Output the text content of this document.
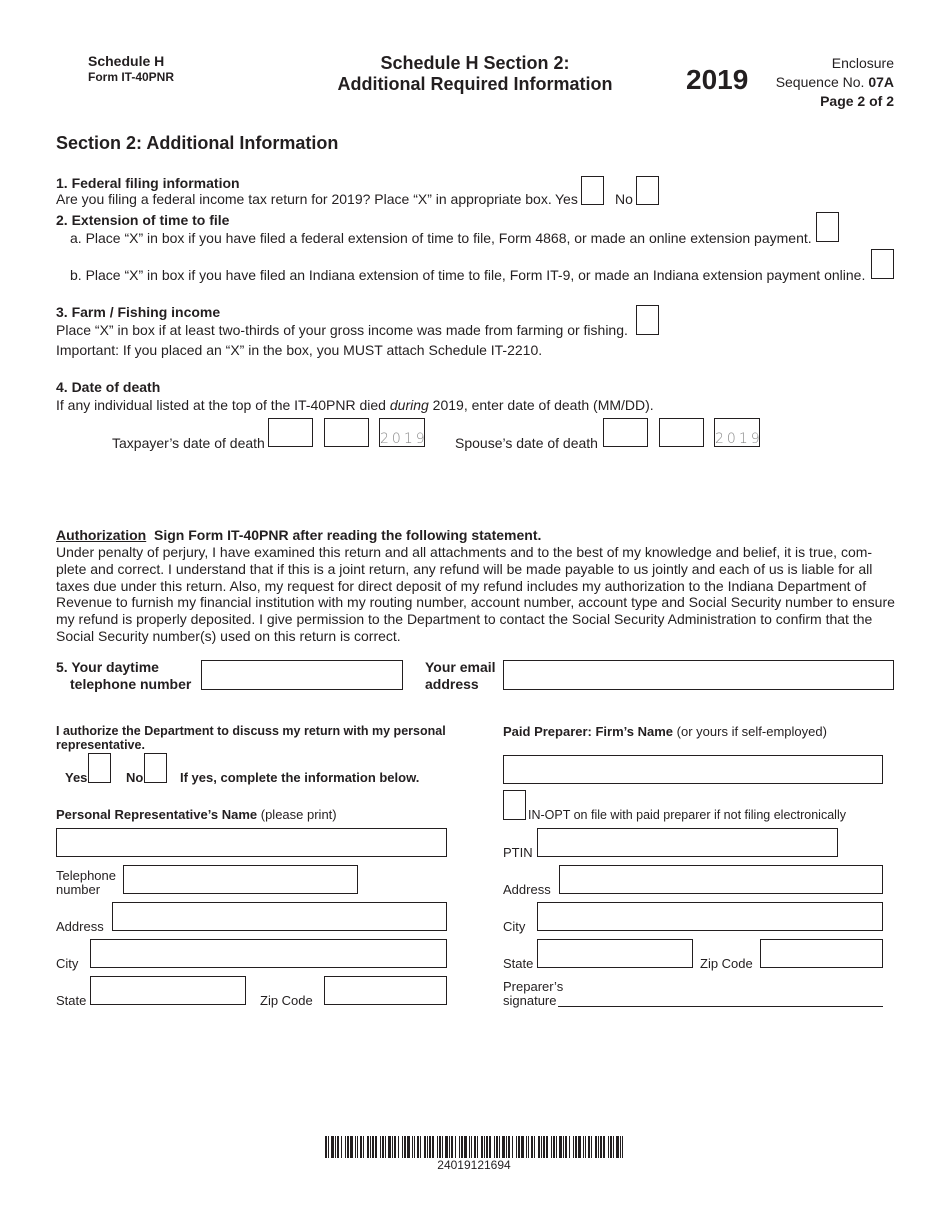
Schedule H
Form IT-40PNR
Schedule H Section 2:
Additional Required Information	2019
Enclosure
Sequence No. 07A
Page 2 of 2
Section 2: Additional Information
1. Federal filing information
Are you filing a federal income tax return for 2019? Place “X” in appropriate box. Yes	No
2. Extension of time to file
a. Place “X” in box if you have filed a federal extension of time to file, Form 4868, or made an online extension payment.
b. Place “X” in box if you have filed an Indiana extension of time to file, Form IT-9, or made an Indiana extension payment online.
3. Farm / Fishing income
Place “X” in box if at least two-thirds of your gross income was made from farming or fishing.
Important: If you placed an “X” in the box, you MUST attach Schedule IT-2210.
4. Date of death
If any individual listed at the top of the IT-40PNR died during 2019, enter date of death (MM/DD).
Taxpayer’s date of death	2019 Spouse’s date of death	2019
Authorization Sign Form IT-40PNR after reading the following statement.

Under penalty of perjury, I have examined this return and all attachments and to the best of my knowledge and belief, it is true, com-

plete and correct. I understand that if this is a joint return, any refund will be made payable to us jointly and each of us is liable for all

taxes due under this return. Also, my request for direct deposit of my refund includes my authorization to the Indiana Department of

Revenue to furnish my financial institution with my routing number, account number, account type and Social Security number to ensure

my refund is properly deposited. I give permission to the Department to contact the Social Security Administration to confirm that the

Social Security number(s) used on this return is correct.

5. Your daytime
telephone number
Your email
address
I authorize the Department to discuss my return with my personal
representative.
Yes	No	If yes, complete the information below.
Personal Representative’s Name (please print)
Telephone
number
Address
City
State	Zip Code
Paid Preparer: Firm’s Name (or yours if self-employed)
IN-OPT on file with paid preparer if not filing electronically
PTIN
Address
City
State	Zip Code
Preparer’s
signature
24019121694
